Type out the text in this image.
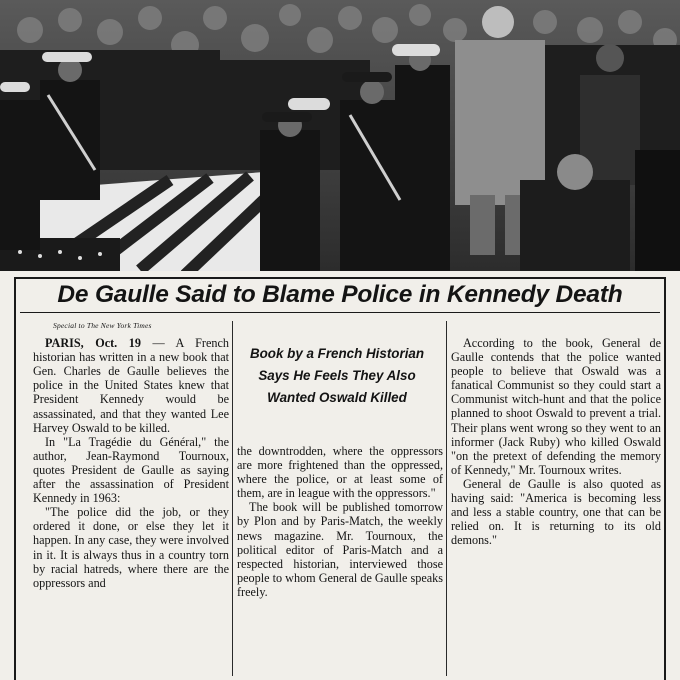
De Gaulle Said to Blame Police in Kennedy Death

Special to The New York Times

PARIS, Oct. 19 — A French historian has written in a new book that Gen. Charles de Gaulle believes the police in the United States knew that President Kennedy would be assassinated, and that they wanted Lee Harvey Oswald to be killed.

In "La Tragédie du Général," the author, Jean-Raymond Tournoux, quotes President de Gaulle as saying after the assassination of President Kennedy in 1963:

"The police did the job, or they ordered it done, or else they let it happen. In any case, they were involved in it. It is always thus in a country torn by racial hatreds, where there are the oppressors and

Book by a French Historian
Says He Feels They Also
Wanted Oswald Killed

the downtrodden, where the oppressors are more frightened than the oppressed, where the police, or at least some of them, are in league with the oppressors."

The book will be published tomorrow by Plon and by Paris-Match, the weekly news magazine. Mr. Tournoux, the political editor of Paris-Match and a respected historian, interviewed those people to whom General de Gaulle speaks freely.

According to the book, General de Gaulle contends that the police wanted people to believe that Oswald was a fanatical Communist so they could start a Communist witch-hunt and that the police planned to shoot Oswald to prevent a trial. Their plans went wrong so they went to an informer (Jack Ruby) who killed Oswald "on the pretext of defending the memory of Kennedy," Mr. Tournoux writes.

General de Gaulle is also quoted as having said: "America is becoming less and less a stable country, one that can be relied on. It is returning to its old demons."
